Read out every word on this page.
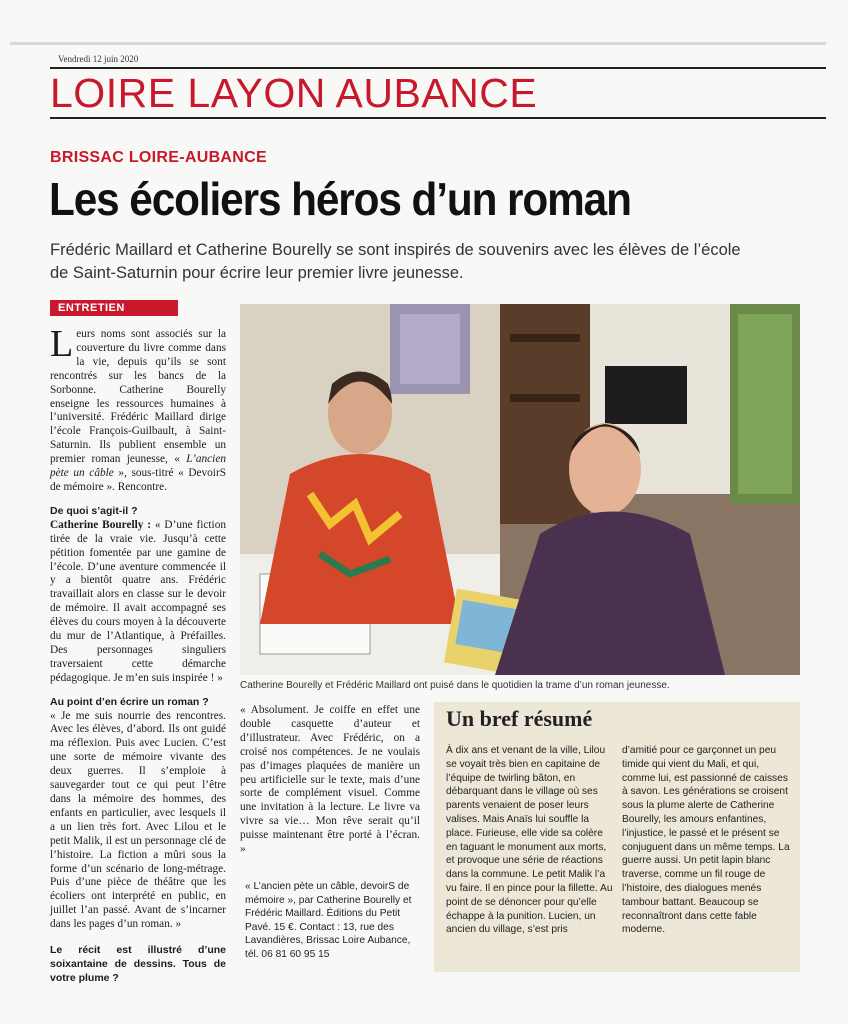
Vendredi 12 juin 2020
LOIRE LAYON AUBANCE
BRISSAC LOIRE-AUBANCE
Les écoliers héros d’un roman
Frédéric Maillard et Catherine Bourelly se sont inspirés de souvenirs avec les élèves de l’école de Saint-Saturnin pour écrire leur premier livre jeunesse.
ENTRETIEN

Leurs noms sont associés sur la couverture du livre comme dans la vie, depuis qu’ils se sont rencontrés sur les bancs de la Sorbonne. Catherine Bourelly enseigne les ressources humaines à l’université. Frédéric Maillard dirige l’école François-Guilbault, à Saint-Saturnin. Ils publient ensemble un premier roman jeunesse, « L’ancien pète un câble », sous-titré « DevoirS de mémoire ». Rencontre.

De quoi s’agit-il ?

Catherine Bourelly : « D’une fiction tirée de la vraie vie. Jusqu’à cette pétition fomentée par une gamine de l’école. D’une aventure commencée il y a bientôt quatre ans. Frédéric travaillait alors en classe sur le devoir de mémoire. Il avait accompagné ses élèves du cours moyen à la découverte du mur de l’Atlantique, à Préfailles. Des personnages singuliers traversaient cette démarche pédagogique. Je m’en suis inspirée ! »

Au point d’en écrire un roman ?

« Je me suis nourrie des rencontres. Avec les élèves, d’abord. Ils ont guidé ma réflexion. Puis avec Lucien. C’est une sorte de mémoire vivante des deux guerres. Il s’emploie à sauvegarder tout ce qui peut l’être dans la mémoire des hommes, des enfants en particulier, avec lesquels il a un lien très fort. Avec Lilou et le petit Malik, il est un personnage clé de l’histoire. La fiction a mûri sous la forme d’un scénario de long-métrage. Puis d’une pièce de théâtre que les écoliers ont interprété en public, en juillet l’an passé. Avant de s’incarner dans les pages d’un roman. »

Le récit est illustré d’une soixantaine de dessins. Tous de votre plume ?

Catherine Bourelly et Frédéric Maillard ont puisé dans le quotidien la trame d’un roman jeunesse.

« Absolument. Je coiffe en effet une double casquette d’auteur et d’illustrateur. Avec Frédéric, on a croisé nos compétences. Je ne voulais pas d’images plaquées de manière un peu artificielle sur le texte, mais d’une sorte de complément visuel. Comme une invitation à la lecture. Le livre va vivre sa vie… Mon rêve serait qu’il puisse maintenant être porté à l’écran. »

« L’ancien pète un câble, devoirS de mémoire », par Catherine Bourelly et Frédéric Maillard. Éditions du Petit Pavé. 15 €. Contact : 13, rue des Lavandières, Brissac Loire Aubance, tél. 06 81 60 95 15
Un bref résumé
À dix ans et venant de la ville, Lilou se voyait très bien en capitaine de l’équipe de twirling bâton, en débarquant dans le village où ses parents venaient de poser leurs valises. Mais Anaïs lui souffle la place. Furieuse, elle vide sa colère en taguant le monument aux morts, et provoque une série de réactions dans la commune. Le petit Malik l’a vu faire. Il en pince pour la fillette. Au point de se dénoncer pour qu’elle échappe à la punition. Lucien, un ancien du village, s’est pris
d’amitié pour ce garçonnet un peu timide qui vient du Mali, et qui, comme lui, est passionné de caisses à savon. Les générations se croisent sous la plume alerte de Catherine Bourelly, les amours enfantines, l’injustice, le passé et le présent se conjuguent dans un même temps. La guerre aussi. Un petit lapin blanc traverse, comme un fil rouge de l’histoire, des dialogues menés tambour battant. Beaucoup se reconnaîtront dans cette fable moderne.
